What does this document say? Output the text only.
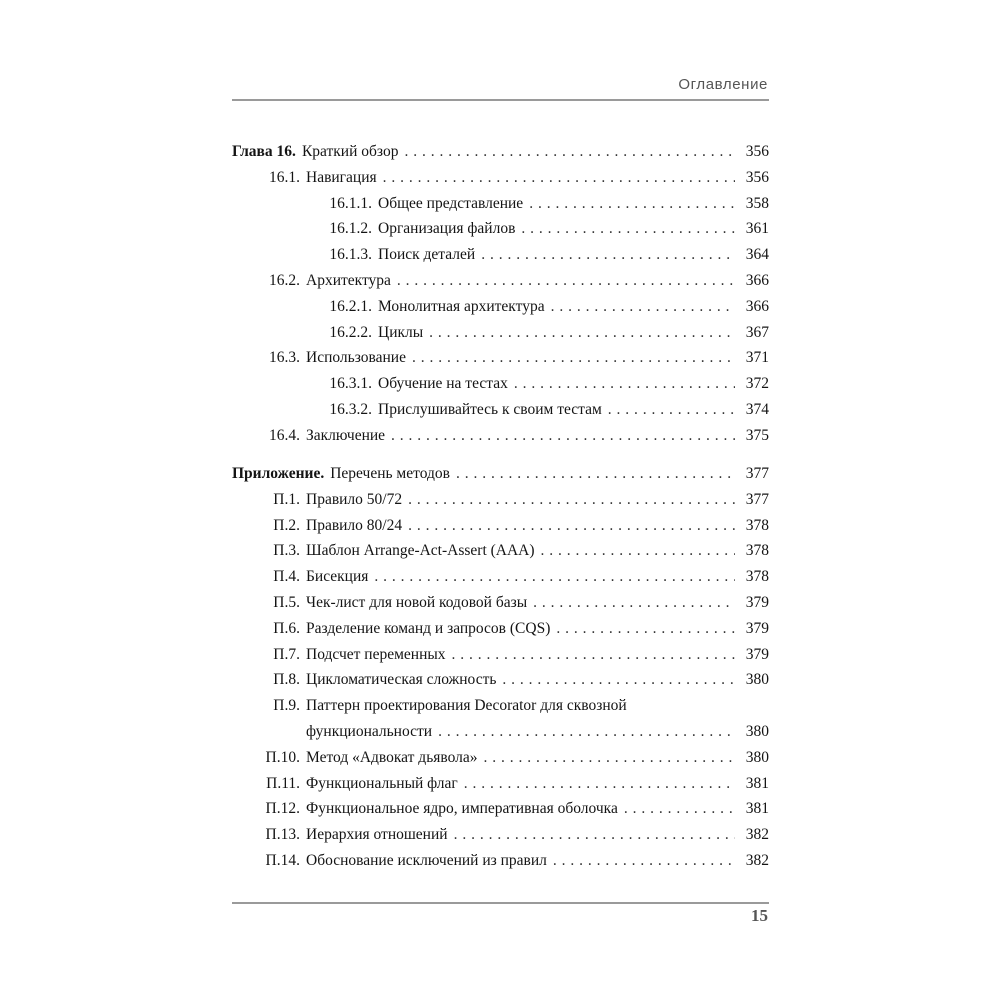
Оглавление
Глава 16. Краткий обзор . . .	356
16.1. Навигация . . .	356
16.1.1. Общее представление . . .	358
16.1.2. Организация файлов . . .	361
16.1.3. Поиск деталей . . .	364
16.2. Архитектура . . .	366
16.2.1. Монолитная архитектура . . .	366
16.2.2. Циклы . . .	367
16.3. Использование . . .	371
16.3.1. Обучение на тестах . . .	372
16.3.2. Прислушивайтесь к своим тестам . . .	374
16.4. Заключение . . .	375
Приложение. Перечень методов . . .	377
П.1. Правило 50/72 . . .	377
П.2. Правило 80/24 . . .	378
П.3. Шаблон Arrange-Act-Assert (AAA) . . .	378
П.4. Бисекция . . .	378
П.5. Чек-лист для новой кодовой базы . . .	379
П.6. Разделение команд и запросов (CQS) . . .	379
П.7. Подсчет переменных . . .	379
П.8. Цикломатическая сложность . . .	380
П.9. Паттерн проектирования Decorator для сквозной
функциональности . . .	380
П.10. Метод «Адвокат дьявола» . . .	380
П.11. Функциональный флаг . . .	381
П.12. Функциональное ядро, императивная оболочка . . .	381
П.13. Иерархия отношений . . .	382
П.14. Обоснование исключений из правил . . .	382
15
